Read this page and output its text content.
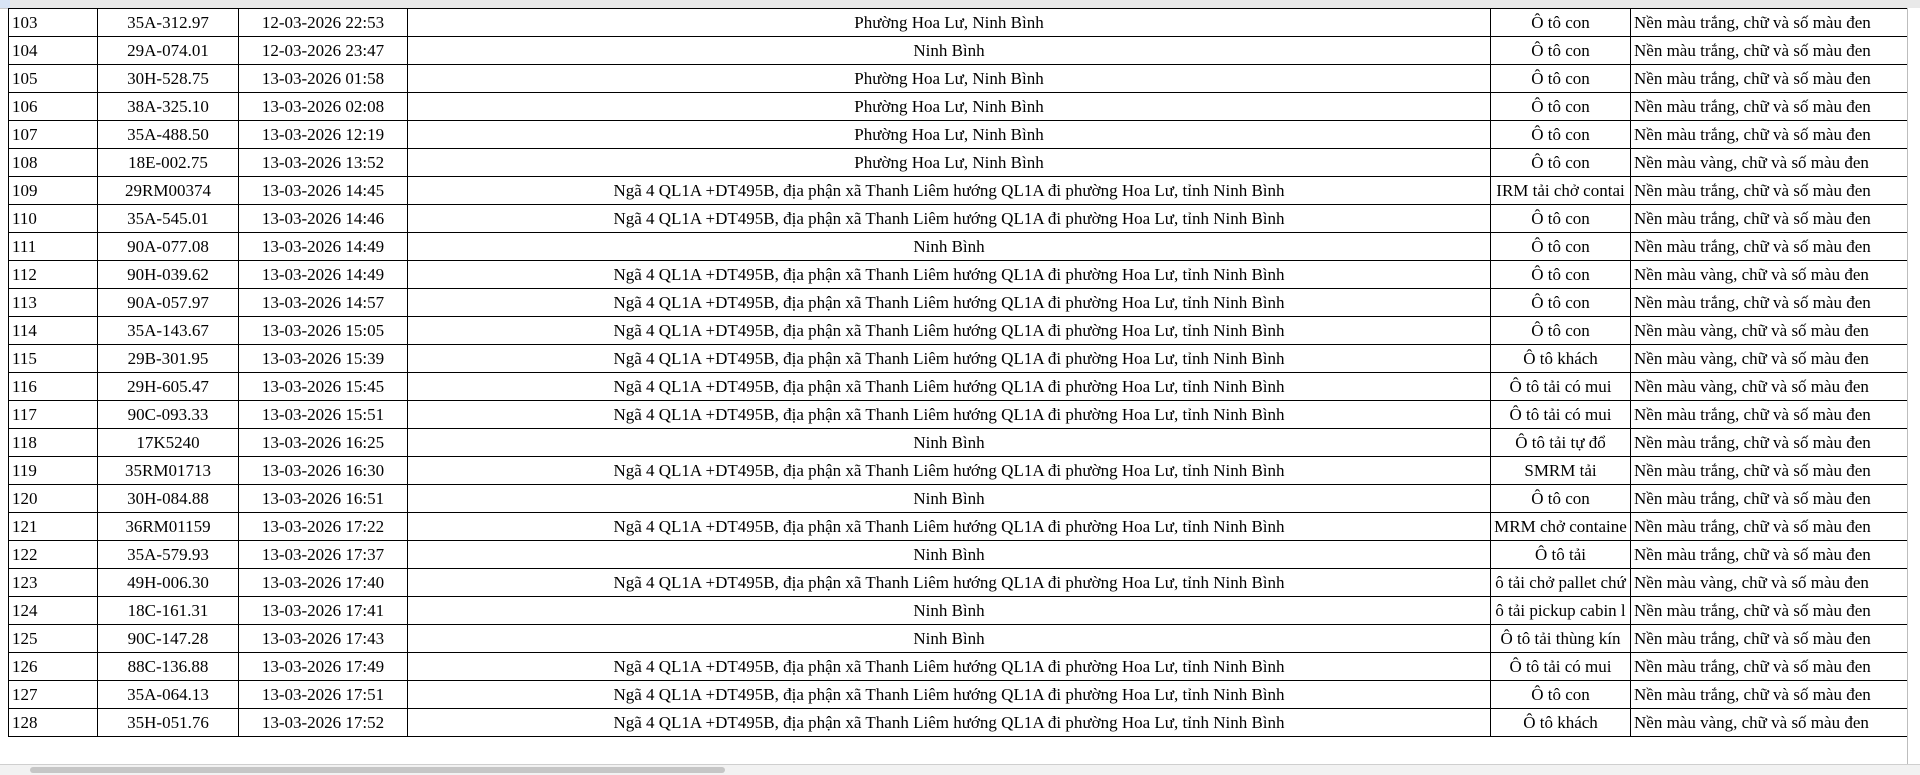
103	35A-312.97	12-03-2026 22:53	Phường Hoa Lư, Ninh Bình	Ô tô con	Nền màu trắng, chữ và số màu đen
104	29A-074.01	12-03-2026 23:47	Ninh Bình	Ô tô con	Nền màu trắng, chữ và số màu đen
105	30H-528.75	13-03-2026 01:58	Phường Hoa Lư, Ninh Bình	Ô tô con	Nền màu trắng, chữ và số màu đen
106	38A-325.10	13-03-2026 02:08	Phường Hoa Lư, Ninh Bình	Ô tô con	Nền màu trắng, chữ và số màu đen
107	35A-488.50	13-03-2026 12:19	Phường Hoa Lư, Ninh Bình	Ô tô con	Nền màu trắng, chữ và số màu đen
108	18E-002.75	13-03-2026 13:52	Phường Hoa Lư, Ninh Bình	Ô tô con	Nền màu vàng, chữ và số màu đen
109	29RM00374	13-03-2026 14:45	Ngã 4 QL1A +DT495B, địa phận xã Thanh Liêm hướng QL1A đi phường Hoa Lư, tỉnh Ninh Bình	IRM tải chở contai	Nền màu trắng, chữ và số màu đen
110	35A-545.01	13-03-2026 14:46	Ngã 4 QL1A +DT495B, địa phận xã Thanh Liêm hướng QL1A đi phường Hoa Lư, tỉnh Ninh Bình	Ô tô con	Nền màu trắng, chữ và số màu đen
111	90A-077.08	13-03-2026 14:49	Ninh Bình	Ô tô con	Nền màu trắng, chữ và số màu đen
112	90H-039.62	13-03-2026 14:49	Ngã 4 QL1A +DT495B, địa phận xã Thanh Liêm hướng QL1A đi phường Hoa Lư, tỉnh Ninh Bình	Ô tô con	Nền màu vàng, chữ và số màu đen
113	90A-057.97	13-03-2026 14:57	Ngã 4 QL1A +DT495B, địa phận xã Thanh Liêm hướng QL1A đi phường Hoa Lư, tỉnh Ninh Bình	Ô tô con	Nền màu trắng, chữ và số màu đen
114	35A-143.67	13-03-2026 15:05	Ngã 4 QL1A +DT495B, địa phận xã Thanh Liêm hướng QL1A đi phường Hoa Lư, tỉnh Ninh Bình	Ô tô con	Nền màu vàng, chữ và số màu đen
115	29B-301.95	13-03-2026 15:39	Ngã 4 QL1A +DT495B, địa phận xã Thanh Liêm hướng QL1A đi phường Hoa Lư, tỉnh Ninh Bình	Ô tô khách	Nền màu vàng, chữ và số màu đen
116	29H-605.47	13-03-2026 15:45	Ngã 4 QL1A +DT495B, địa phận xã Thanh Liêm hướng QL1A đi phường Hoa Lư, tỉnh Ninh Bình	Ô tô tải có mui	Nền màu vàng, chữ và số màu đen
117	90C-093.33	13-03-2026 15:51	Ngã 4 QL1A +DT495B, địa phận xã Thanh Liêm hướng QL1A đi phường Hoa Lư, tỉnh Ninh Bình	Ô tô tải có mui	Nền màu trắng, chữ và số màu đen
118	17K5240	13-03-2026 16:25	Ninh Bình	Ô tô tải tự đổ	Nền màu trắng, chữ và số màu đen
119	35RM01713	13-03-2026 16:30	Ngã 4 QL1A +DT495B, địa phận xã Thanh Liêm hướng QL1A đi phường Hoa Lư, tỉnh Ninh Bình	SMRM tải	Nền màu trắng, chữ và số màu đen
120	30H-084.88	13-03-2026 16:51	Ninh Bình	Ô tô con	Nền màu trắng, chữ và số màu đen
121	36RM01159	13-03-2026 17:22	Ngã 4 QL1A +DT495B, địa phận xã Thanh Liêm hướng QL1A đi phường Hoa Lư, tỉnh Ninh Bình	MRM chở containe	Nền màu trắng, chữ và số màu đen
122	35A-579.93	13-03-2026 17:37	Ninh Bình	Ô tô tải	Nền màu trắng, chữ và số màu đen
123	49H-006.30	13-03-2026 17:40	Ngã 4 QL1A +DT495B, địa phận xã Thanh Liêm hướng QL1A đi phường Hoa Lư, tỉnh Ninh Bình	ô tải chở pallet chứ	Nền màu vàng, chữ và số màu đen
124	18C-161.31	13-03-2026 17:41	Ninh Bình	ô tải pickup cabin l	Nền màu trắng, chữ và số màu đen
125	90C-147.28	13-03-2026 17:43	Ninh Bình	Ô tô tải thùng kín	Nền màu trắng, chữ và số màu đen
126	88C-136.88	13-03-2026 17:49	Ngã 4 QL1A +DT495B, địa phận xã Thanh Liêm hướng QL1A đi phường Hoa Lư, tỉnh Ninh Bình	Ô tô tải có mui	Nền màu trắng, chữ và số màu đen
127	35A-064.13	13-03-2026 17:51	Ngã 4 QL1A +DT495B, địa phận xã Thanh Liêm hướng QL1A đi phường Hoa Lư, tỉnh Ninh Bình	Ô tô con	Nền màu trắng, chữ và số màu đen
128	35H-051.76	13-03-2026 17:52	Ngã 4 QL1A +DT495B, địa phận xã Thanh Liêm hướng QL1A đi phường Hoa Lư, tỉnh Ninh Bình	Ô tô khách	Nền màu vàng, chữ và số màu đen
